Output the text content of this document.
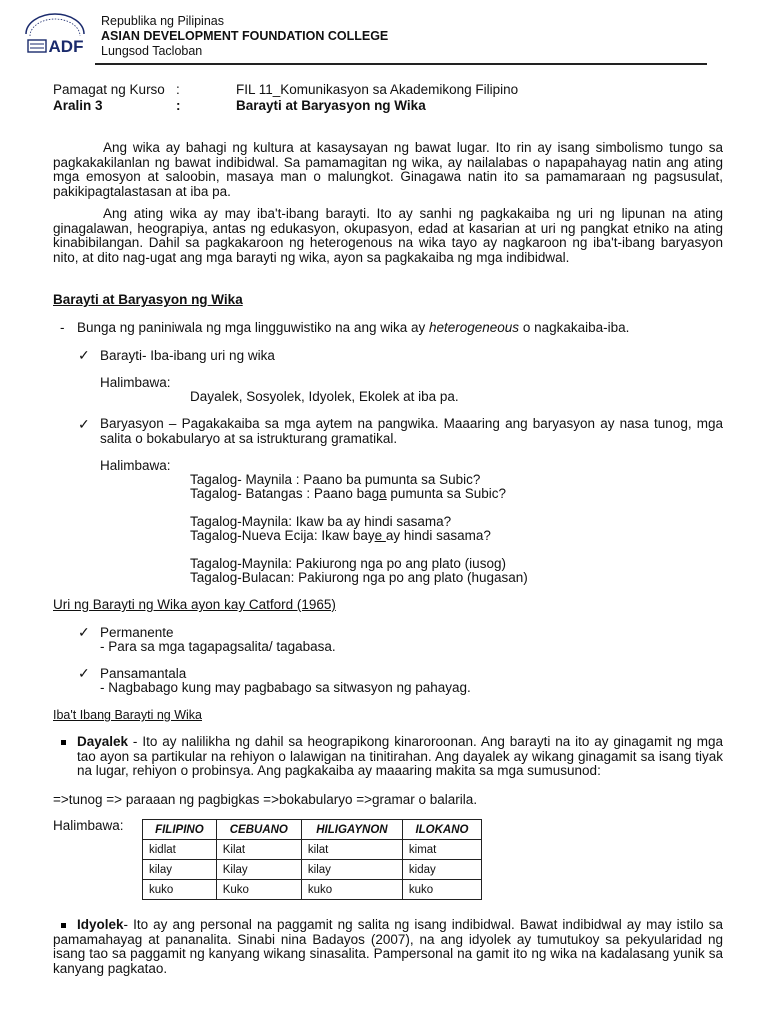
ADF
Republika ng Pilipinas
ASIAN DEVELOPMENT FOUNDATION COLLEGE
Lungsod Tacloban
Pamagat ng Kurso :	FIL 11_Komunikasyon sa Akademikong Filipino
Aralin 3	:	Barayti at Baryasyon ng Wika
Ang wika ay bahagi ng kultura at kasaysayan ng bawat lugar. Ito rin ay isang simbolismo tungo sa pagkakakilanlan ng bawat indibidwal. Sa pamamagitan ng wika, ay nailalabas o napapahayag natin ang ating mga emosyon at saloobin, masaya man o malungkot. Ginagawa natin ito sa pamamaraan ng pagsusulat, pakikipagtalastasan at iba pa.
Ang ating wika ay may iba't-ibang barayti. Ito ay sanhi ng pagkakaiba ng uri ng lipunan na ating ginagalawan, heograpiya, antas ng edukasyon, okupasyon, edad at kasarian at uri ng pangkat etniko na ating kinabibilangan. Dahil sa pagkakaroon ng heterogenous na wika tayo ay nagkaroon ng iba't-ibang baryasyon nito, at dito nag-ugat ang mga barayti ng wika, ayon sa pagkakaiba ng mga indibidwal.
Barayti at Baryasyon ng Wika
- Bunga ng paniniwala ng mga lingguwistiko na ang wika ay heterogeneous o nagkakaiba-iba.
✓ Barayti- Iba-ibang uri ng wika
Halimbawa:
Dayalek, Sosyolek, Idyolek, Ekolek at iba pa.
✓ Baryasyon – Pagakakaiba sa mga aytem na pangwika. Maaaring ang baryasyon ay nasa tunog, mga salita o bokabularyo at sa istrukturang gramatikal.
Halimbawa:
Tagalog- Maynila : Paano ba pumunta sa Subic?
Tagalog- Batangas : Paano baga pumunta sa Subic?
Tagalog-Maynila: Ikaw ba ay hindi sasama?
Tagalog-Nueva Ecija: Ikaw baye ay hindi sasama?
Tagalog-Maynila: Pakiurong nga po ang plato (iusog)
Tagalog-Bulacan: Pakiurong nga po ang plato (hugasan)
Uri ng Barayti ng Wika ayon kay Catford (1965)
✓ Permanente
- Para sa mga tagapagsalita/ tagabasa.
✓ Pansamantala
- Nagbabago kung may pagbabago sa sitwasyon ng pahayag.
Iba't Ibang Barayti ng Wika
Dayalek - Ito ay nalilikha ng dahil sa heograpikong kinaroroonan. Ang barayti na ito ay ginagamit ng mga tao ayon sa partikular na rehiyon o lalawigan na tinitirahan. Ang dayalek ay wikang ginagamit sa isang tiyak na lugar, rehiyon o probinsya. Ang pagkakaiba ay maaaring makita sa mga sumusunod:
=>tunog => paraaan ng pagbigkas =>bokabularyo =>gramar o balarila.
Halimbawa:	FILIPINO	CEBUANO	HILIGAYNON	ILOKANO
kidlat	Kilat	kilat	kimat
kilay	Kilay	kilay	kiday
kuko	Kuko	kuko	kuko
Idyolek- Ito ay ang personal na paggamit ng salita ng isang indibidwal. Bawat indibidwal ay may istilo sa pamamahayag at pananalita. Sinabi nina Badayos (2007), na ang idyolek ay tumutukoy sa pekyularidad ng isang tao sa paggamit ng kanyang wikang sinasalita. Pampersonal na gamit ito ng wika na kadalasang yunik sa kanyang pagkatao.
